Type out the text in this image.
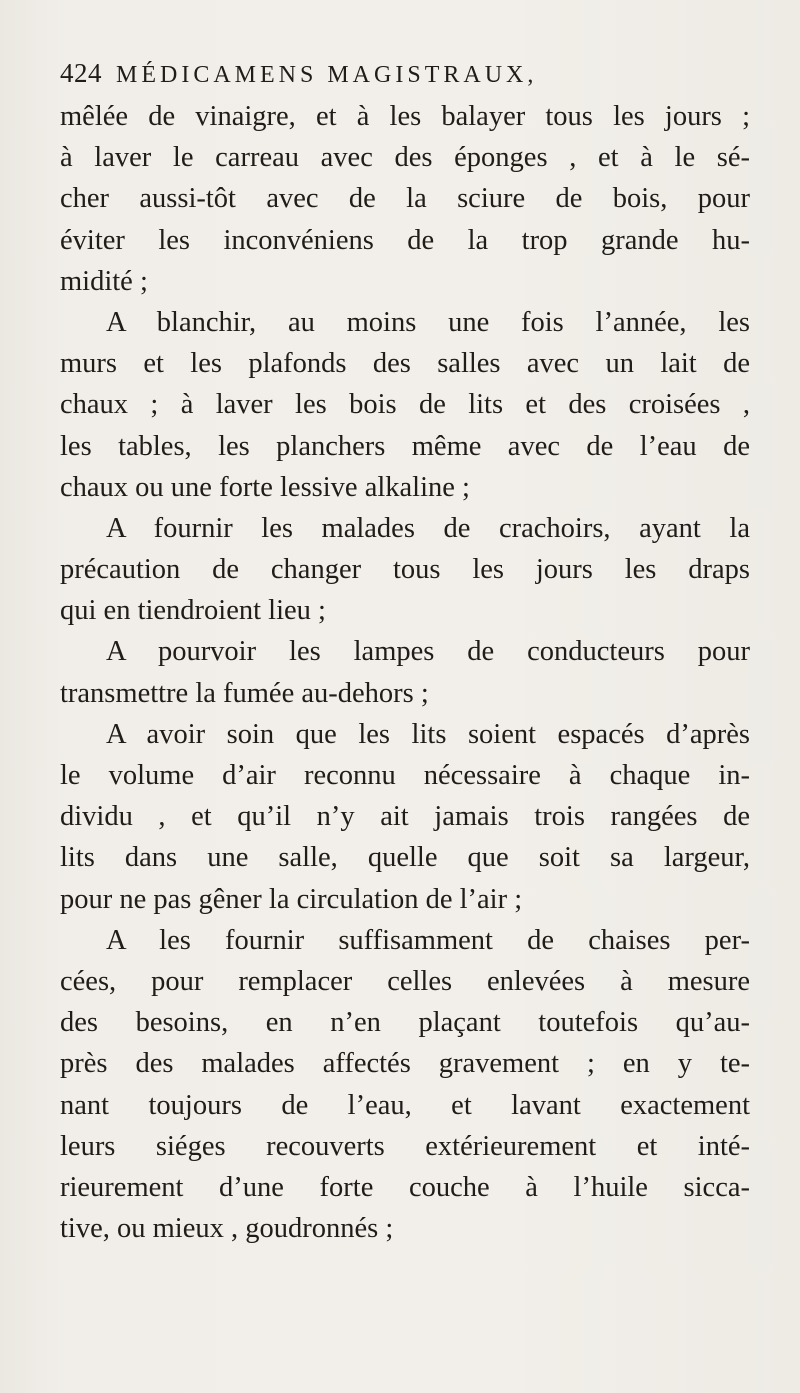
424 MÉDICAMENS MAGISTRAUX,
mêlée de vinaigre, et à les balayer tous les jours ;
à laver le carreau avec des éponges , et à le sé-
cher aussi-tôt avec de la sciure de bois, pour
éviter les inconvéniens de la trop grande hu-
midité ;
A blanchir, au moins une fois l’année, les
murs et les plafonds des salles avec un lait de
chaux ; à laver les bois de lits et des croisées ,
les tables, les planchers même avec de l’eau de
chaux ou une forte lessive alkaline ;
A fournir les malades de crachoirs, ayant la
précaution de changer tous les jours les draps
qui en tiendroient lieu ;
A pourvoir les lampes de conducteurs pour
transmettre la fumée au-dehors ;
A avoir soin que les lits soient espacés d’après
le volume d’air reconnu nécessaire à chaque in-
dividu , et qu’il n’y ait jamais trois rangées de
lits dans une salle, quelle que soit sa largeur,
pour ne pas gêner la circulation de l’air ;
A les fournir suffisamment de chaises per-
cées, pour remplacer celles enlevées à mesure
des besoins, en n’en plaçant toutefois qu’au-
près des malades affectés gravement ; en y te-
nant toujours de l’eau, et lavant exactement
leurs siéges recouverts extérieurement et inté-
rieurement d’une forte couche à l’huile sicca-
tive, ou mieux , goudronnés ;
